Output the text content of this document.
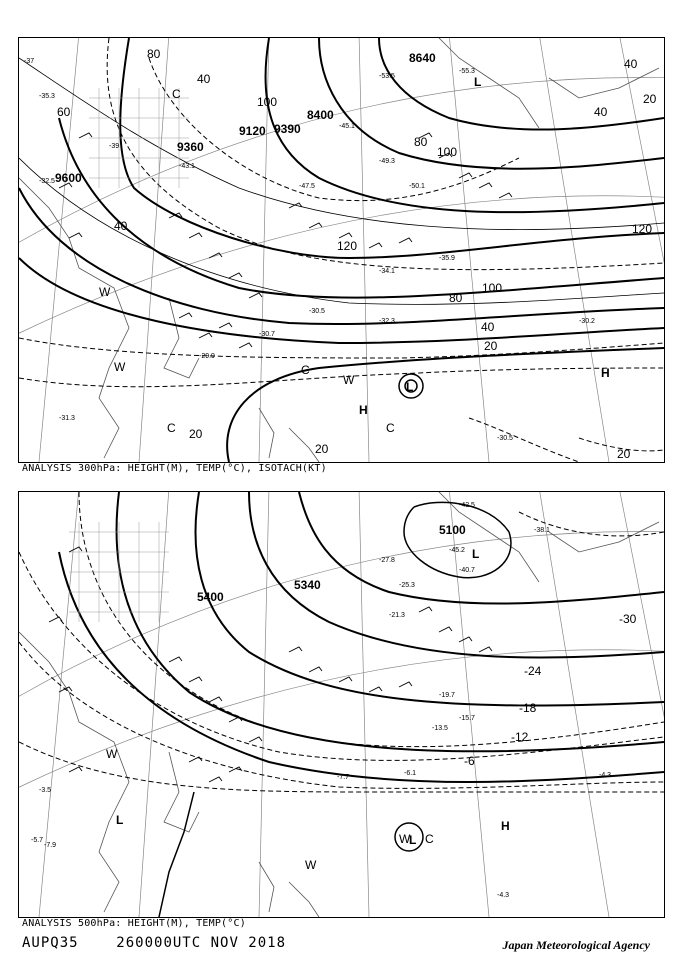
9360
9120
9600
8640
8400
9390
80
40
60
100
120
100
80
40
20
20
20	20
120
40
20
40
80
100
40
-37
-35.3
-32.5
-39
-43.1
-47.5
-45.1
-49.3
-50.1
-53.5
-55.3
-34.1
-32.3
-30.5
-30.7
-29.9
-31.3
-35.9
-30.5
-30.2
L
L
H
H
W
W
W
C
C
C
C
ANALYSIS 300hPa: HEIGHT(M), TEMP(°C), ISOTACH(KT)
5100
5340
5400
-30
-24
-18
-12
-6
-42.5
-45.2
-40.7
-38.1
-27.8
-25.3
-21.3
-19.7
-15.7
-13.5
-4.3
-4.3
-7.7
-5.7
-7.9
-6.1
-3.5
L
L
L
H
W
W
W C
ANALYSIS 500hPa: HEIGHT(M), TEMP(°C)
AUPQ35	260000UTC NOV 2018	Japan Meteorological Agency
